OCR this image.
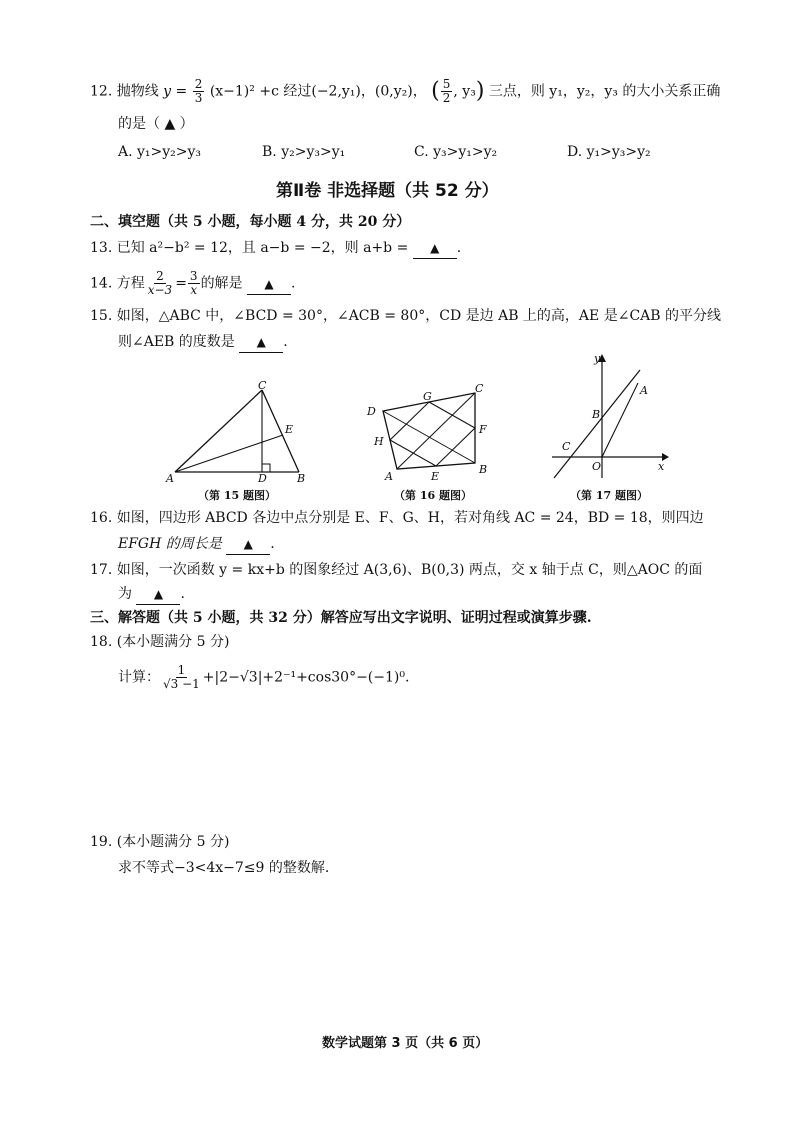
12. 抛物线 $y = \frac{2}{3} (x-1)^2 +c$ 经过(−2,y₁)，(0,y₂)， ( $\frac{5}{2}$ , y₃) 三点，则 y₁，y₂，y₃ 的大小关系正确
的是（ ▲ ）
A. y₁>y₂>y₃	B. y₂>y₃>y₁	C. y₃>y₁>y₂	D. y₁>y₃>y₂
第Ⅱ卷 非选择题（共 52 分）
二、填空题（共 5 小题，每小题 4 分，共 20 分）
13. 已知 a²−b² = 12，且 a−b = −2，则 a+b = ▲ .
14. 方程 $\frac{2}{x-3} = \frac{3}{x}$ 的解是 ▲ .
15. 如图，△ABC 中，∠BCD = 30°，∠ACB = 80°，CD 是边 AB 上的高，AE 是∠CAB 的平分线
则∠AEB 的度数是 ▲ .
C
E
A	D	B
（第 15 题图）
G
C
D
F
H
A	E
B
（第 16 题图）
y
A
B
C
O	x
（第 17 题图）
16. 如图，四边形 ABCD 各边中点分别是 E、F、G、H，若对角线 AC = 24，BD = 18，则四边
EFGH 的周长是 ▲ .
17. 如图，一次函数 y = kx+b 的图象经过 A(3,6)、B(0,3) 两点，交 x 轴于点 C，则△AOC 的面
为 ▲ .
三、解答题（共 5 小题，共 32 分）解答应写出文字说明、证明过程或演算步骤.
18. (本小题满分 5 分)
计算： $\frac{1}{√3 -1} +|2-√3|+2^{-1}+\cos 30^\circ-(-1)^0$.
19. (本小题满分 5 分)
求不等式−3<4x−7≤9 的整数解.
数学试题第 3 页（共 6 页）
